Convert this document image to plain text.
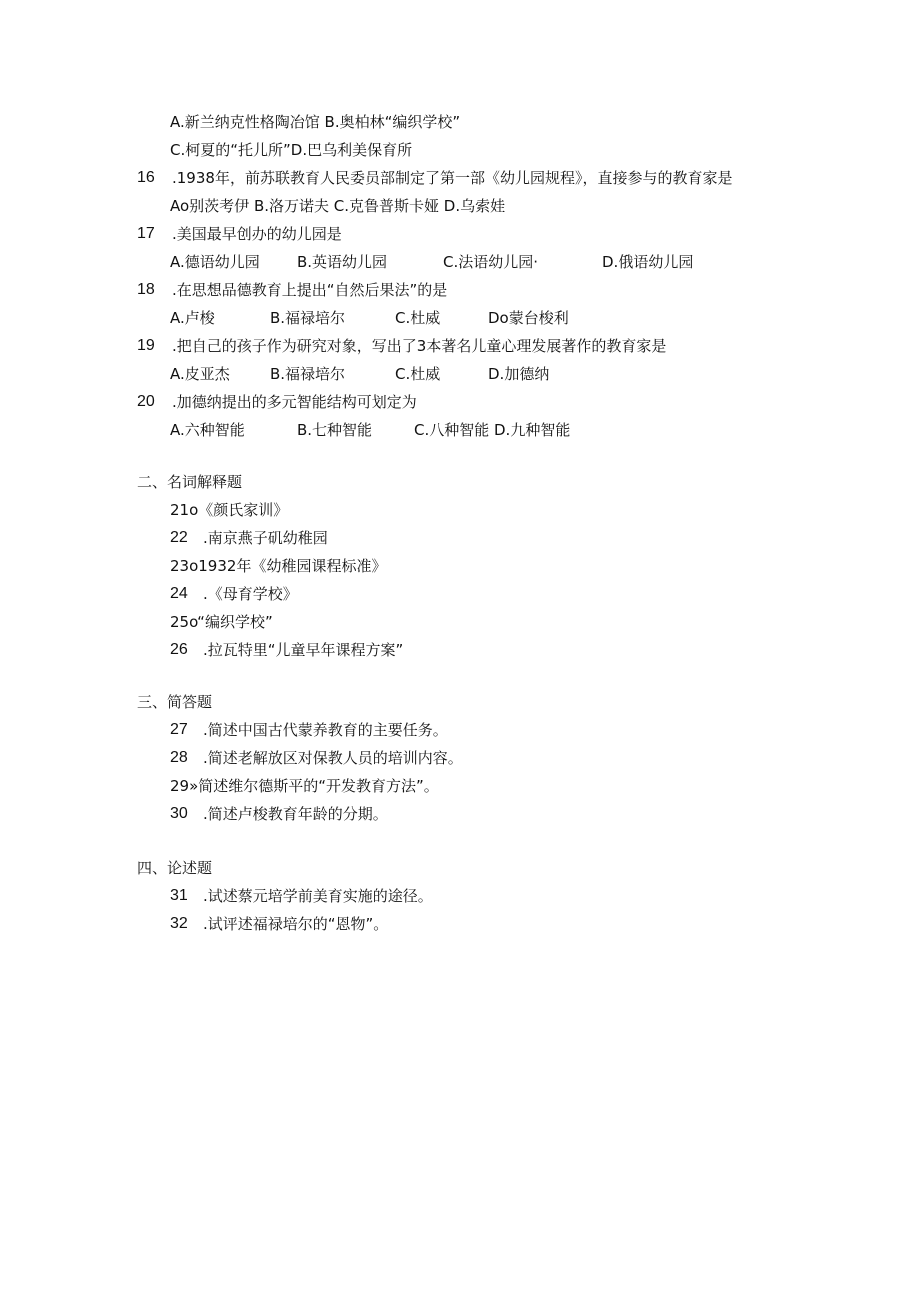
A.新兰纳克性格陶冶馆 B.奥柏林“编织学校”
C.柯夏的“托儿所”D.巴乌利美保育所
16 .1938年，前苏联教育人民委员部制定了第一部《幼儿园规程》，直接参与的教育家是
Ao别茨考伊 B.洛万诺夫 C.克鲁普斯卡娅 D.乌索娃
17 .美国最早创办的幼儿园是
A.德语幼儿园 B.英语幼儿园	C.法语幼儿园·	D.俄语幼儿园
18 .在思想品德教育上提出“自然后果法”的是
A.卢梭	B.福禄培尔	C.杜威	Do蒙台梭利
19 .把自己的孩子作为研究对象，写出了3本著名儿童心理发展著作的教育家是
A.皮亚杰	B.福禄培尔	C.杜威	D.加德纳
20 .加德纳提出的多元智能结构可划定为
A.六种智能	B.七种智能	C.八种智能 D.九种智能
二、名词解释题
21o《颜氏家训》
22 .南京燕子矶幼稚园
23o1932年《幼稚园课程标准》
24 .《母育学校》
25o“编织学校”
26 .拉瓦特里“儿童早年课程方案”
三、简答题
27 .简述中国古代蒙养教育的主要任务。
28 .简述老解放区对保教人员的培训内容。
29»简述维尔德斯平的“开发教育方法”。
30 .简述卢梭教育年龄的分期。
四、论述题
31 .试述蔡元培学前美育实施的途径。
32 .试评述福禄培尔的“恩物”。
